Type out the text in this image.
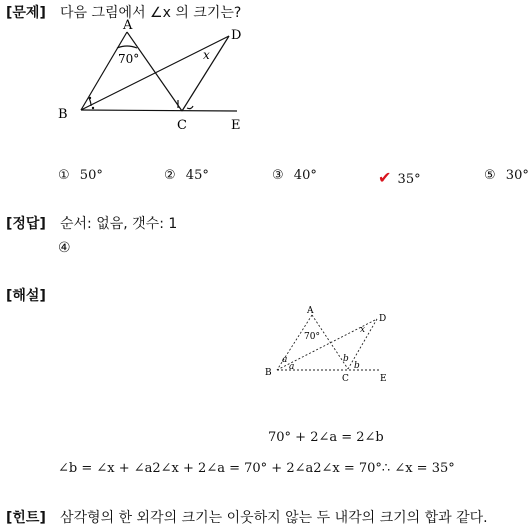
[문제] 다음 그림에서 ∠x 의 크기는?
A
D
B
C	E
70°	x
① 50°	② 45°	③ 40°	✔ 35°	⑤ 30°
[정답] 순서: 없음, 갯수: 1
④
[해설]
A
D
B
C	E
70°
x
a
a
b
b
70° + 2∠a = 2∠b
∠b = ∠x + ∠a2∠x + 2∠a = 70° + 2∠a2∠x = 70°∴ ∠x = 35°
[힌트] 삼각형의 한 외각의 크기는 이웃하지 않는 두 내각의 크기의 합과 같다.
